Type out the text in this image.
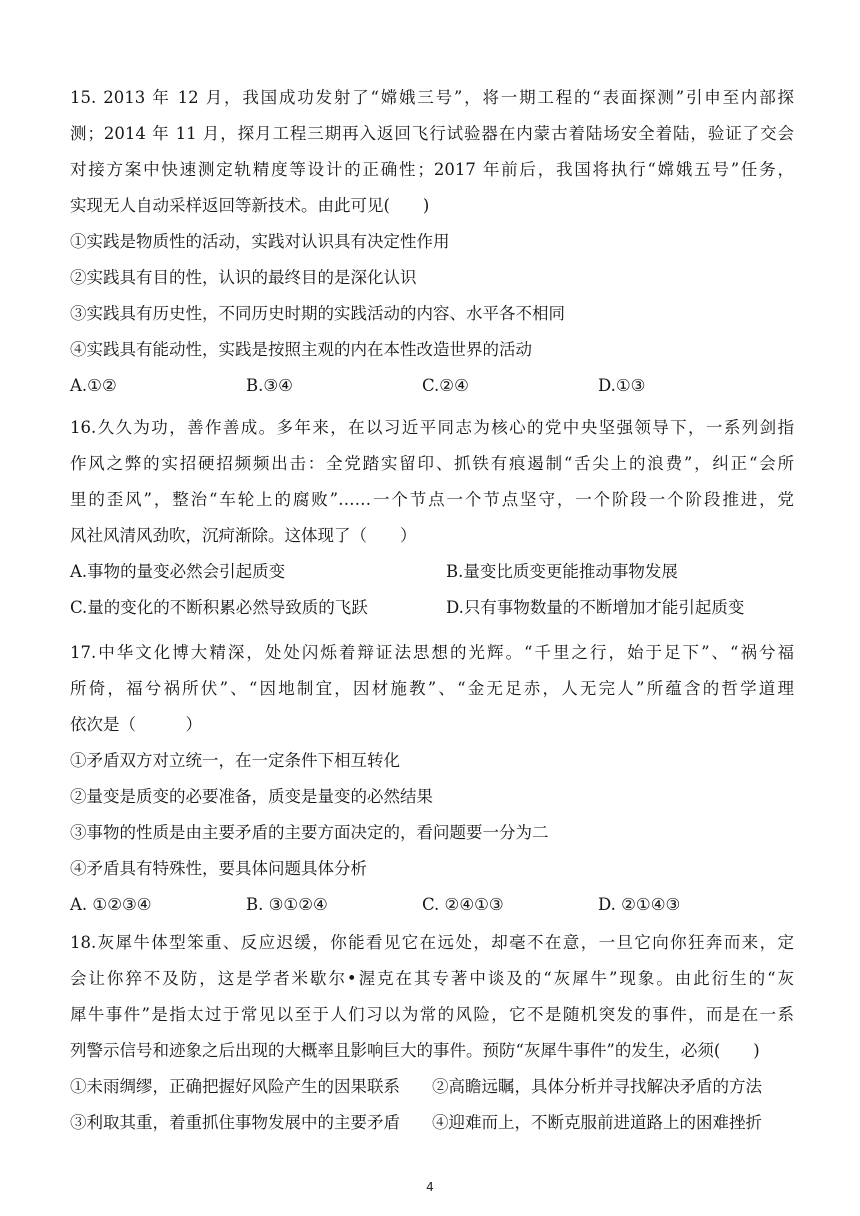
15. 2013 年 12 月，我国成功发射了“嫦娥三号”，将一期工程的“表面探测”引申至内部探
测；2014 年 11 月，探月工程三期再入返回飞行试验器在内蒙古着陆场安全着陆，验证了交会
对接方案中快速测定轨精度等设计的正确性；2017 年前后，我国将执行“嫦娥五号”任务，
实现无人自动采样返回等新技术。由此可见(　　)
①实践是物质性的活动，实践对认识具有决定性作用
②实践具有目的性，认识的最终目的是深化认识
③实践具有历史性，不同历史时期的实践活动的内容、水平各不相同
④实践具有能动性，实践是按照主观的内在本性改造世界的活动
A.①②	B.③④	C.②④	D.①③
16.久久为功，善作善成。多年来，在以习近平同志为核心的党中央坚强领导下，一系列剑指
作风之弊的实招硬招频频出击：全党踏实留印、抓铁有痕遏制“舌尖上的浪费”，纠正“会所
里的歪风”，整治“车轮上的腐败”……一个节点一个节点坚守，一个阶段一个阶段推进，党
风社风清风劲吹，沉疴渐除。这体现了（　　）
A.事物的量变必然会引起质变	B.量变比质变更能推动事物发展
C.量的变化的不断积累必然导致质的飞跃	D.只有事物数量的不断增加才能引起质变
17.中华文化博大精深，处处闪烁着辩证法思想的光辉。“千里之行，始于足下”、“祸兮福
所倚，福兮祸所伏”、“因地制宜，因材施教”、“金无足赤，人无完人”所蕴含的哲学道理
依次是（　　　）
①矛盾双方对立统一，在一定条件下相互转化
②量变是质变的必要准备，质变是量变的必然结果
③事物的性质是由主要矛盾的主要方面决定的，看问题要一分为二
④矛盾具有特殊性，要具体问题具体分析
A. ①②③④	B. ③①②④	C. ②④①③	D. ②①④③
18.灰犀牛体型笨重、反应迟缓，你能看见它在远处，却毫不在意，一旦它向你狂奔而来，定
会让你猝不及防，这是学者米歇尔•渥克在其专著中谈及的“灰犀牛”现象。由此衍生的“灰
犀牛事件”是指太过于常见以至于人们习以为常的风险，它不是随机突发的事件，而是在一系
列警示信号和迹象之后出现的大概率且影响巨大的事件。预防“灰犀牛事件”的发生，必须(　　)
①未雨绸缪，正确把握好风险产生的因果联系 ②高瞻远瞩，具体分析并寻找解决矛盾的方法
③利取其重，着重抓住事物发展中的主要矛盾 ④迎难而上，不断克服前进道路上的困难挫折
4
